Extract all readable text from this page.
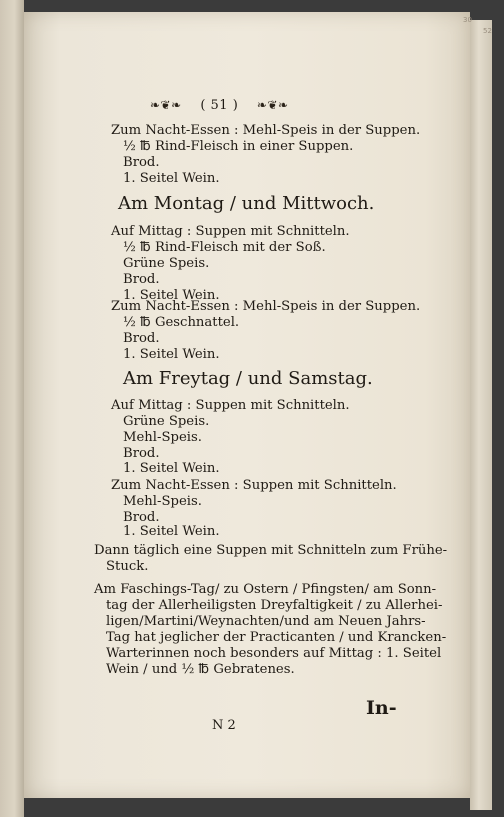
30
52
❧❦❧ ( 51 ) ❧❦❧

Zum Nacht-Essen : Mehl-Speis in der Suppen.

½ ℔ Rind-Fleisch in einer Suppen.

Brod.

1. Seitel Wein.

Am Montag / und Mittwoch.

Auf Mittag : Suppen mit Schnitteln.

½ ℔ Rind-Fleisch mit der Soß.

Grüne Speis.

Brod.

1. Seitel Wein.

Zum Nacht-Essen : Mehl-Speis in der Suppen.

½ ℔ Geschnattel.

Brod.

1. Seitel Wein.

Am Freytag / und Samstag.

Auf Mittag : Suppen mit Schnitteln.

Grüne Speis.

Mehl-Speis.

Brod.

1. Seitel Wein.

Zum Nacht-Essen : Suppen mit Schnitteln.

Mehl-Speis.

Brod.

1. Seitel Wein.

Dann täglich eine Suppen mit Schnitteln zum Frühe-

Stuck.

Am Faschings-Tag/ zu Ostern / Pfingsten/ am Sonn-

tag der Allerheiligsten Dreyfaltigkeit / zu Allerhei-

ligen/Martini/Weynachten/und am Neuen Jahrs-

Tag hat jeglicher der Practicanten / und Krancken-

Warterinnen noch besonders auf Mittag : 1. Seitel

Wein / und ½ ℔ Gebratenes.

N 2

In-
